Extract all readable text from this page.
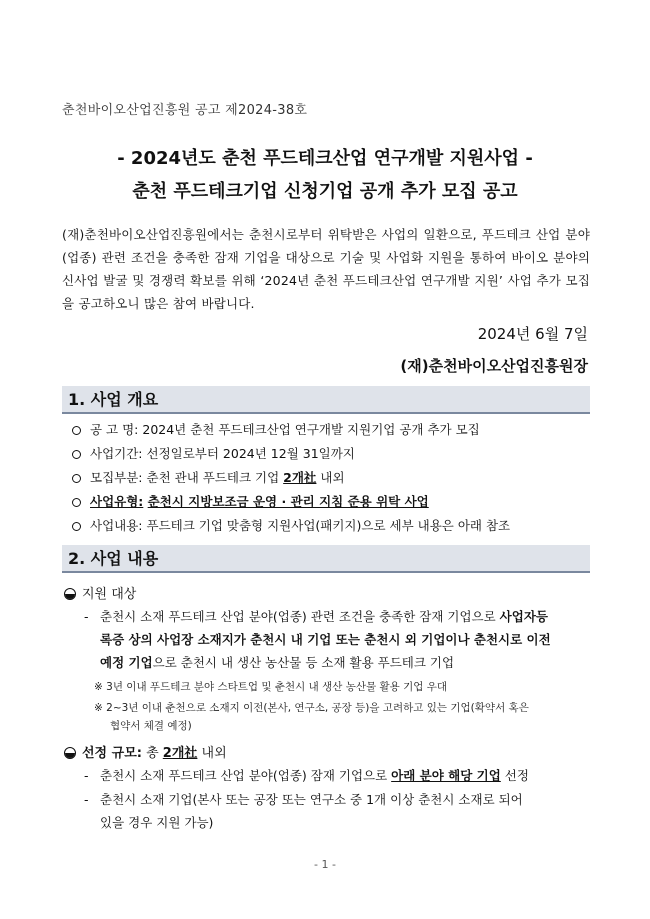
춘천바이오산업진흥원 공고 제2024-38호
- 2024년도 춘천 푸드테크산업 연구개발 지원사업 -
춘천 푸드테크기업 신청기업 공개 추가 모집 공고
(재)춘천바이오산업진흥원에서는 춘천시로부터 위탁받은 사업의 일환으로, 푸드테크 산업 분야(업종) 관련 조건을 충족한 잠재 기업을 대상으로 기술 및 사업화 지원을 통하여 바이오 분야의 신사업 발굴 및 경쟁력 확보를 위해 ‘2024년 춘천 푸드테크산업 연구개발 지원’ 사업 추가 모집을 공고하오니 많은 참여 바랍니다.
2024년 6월 7일
(재)춘천바이오산업진흥원장
1. 사업 개요
공 고 명: 2024년 춘천 푸드테크산업 연구개발 지원기업 공개 추가 모집
사업기간: 선정일로부터 2024년 12월 31일까지
모집부분: 춘천 관내 푸드테크 기업 2개社 내외
사업유형: 춘천시 지방보조금 운영 · 관리 지침 준용 위탁 사업
사업내용: 푸드테크 기업 맞춤형 지원사업(패키지)으로 세부 내용은 아래 참조
2. 사업 내용
지원 대상
- 춘천시 소재 푸드테크 산업 분야(업종) 관련 조건을 충족한 잠재 기업으로 사업자등
록증 상의 사업장 소재지가 춘천시 내 기업 또는 춘천시 외 기업이나 춘천시로 이전
예정 기업으로 춘천시 내 생산 농산물 등 소재 활용 푸드테크 기업
※ 3년 이내 푸드테크 분야 스타트업 및 춘천시 내 생산 농산물 활용 기업 우대
※ 2~3년 이내 춘천으로 소재지 이전(본사, 연구소, 공장 등)을 고려하고 있는 기업(확약서 혹은
협약서 체결 예정)
선정 규모: 총 2개社 내외
- 춘천시 소재 푸드테크 산업 분야(업종) 잠재 기업으로 아래 분야 해당 기업 선정
- 춘천시 소재 기업(본사 또는 공장 또는 연구소 중 1개 이상 춘천시 소재로 되어
있을 경우 지원 가능)
- 1 -
